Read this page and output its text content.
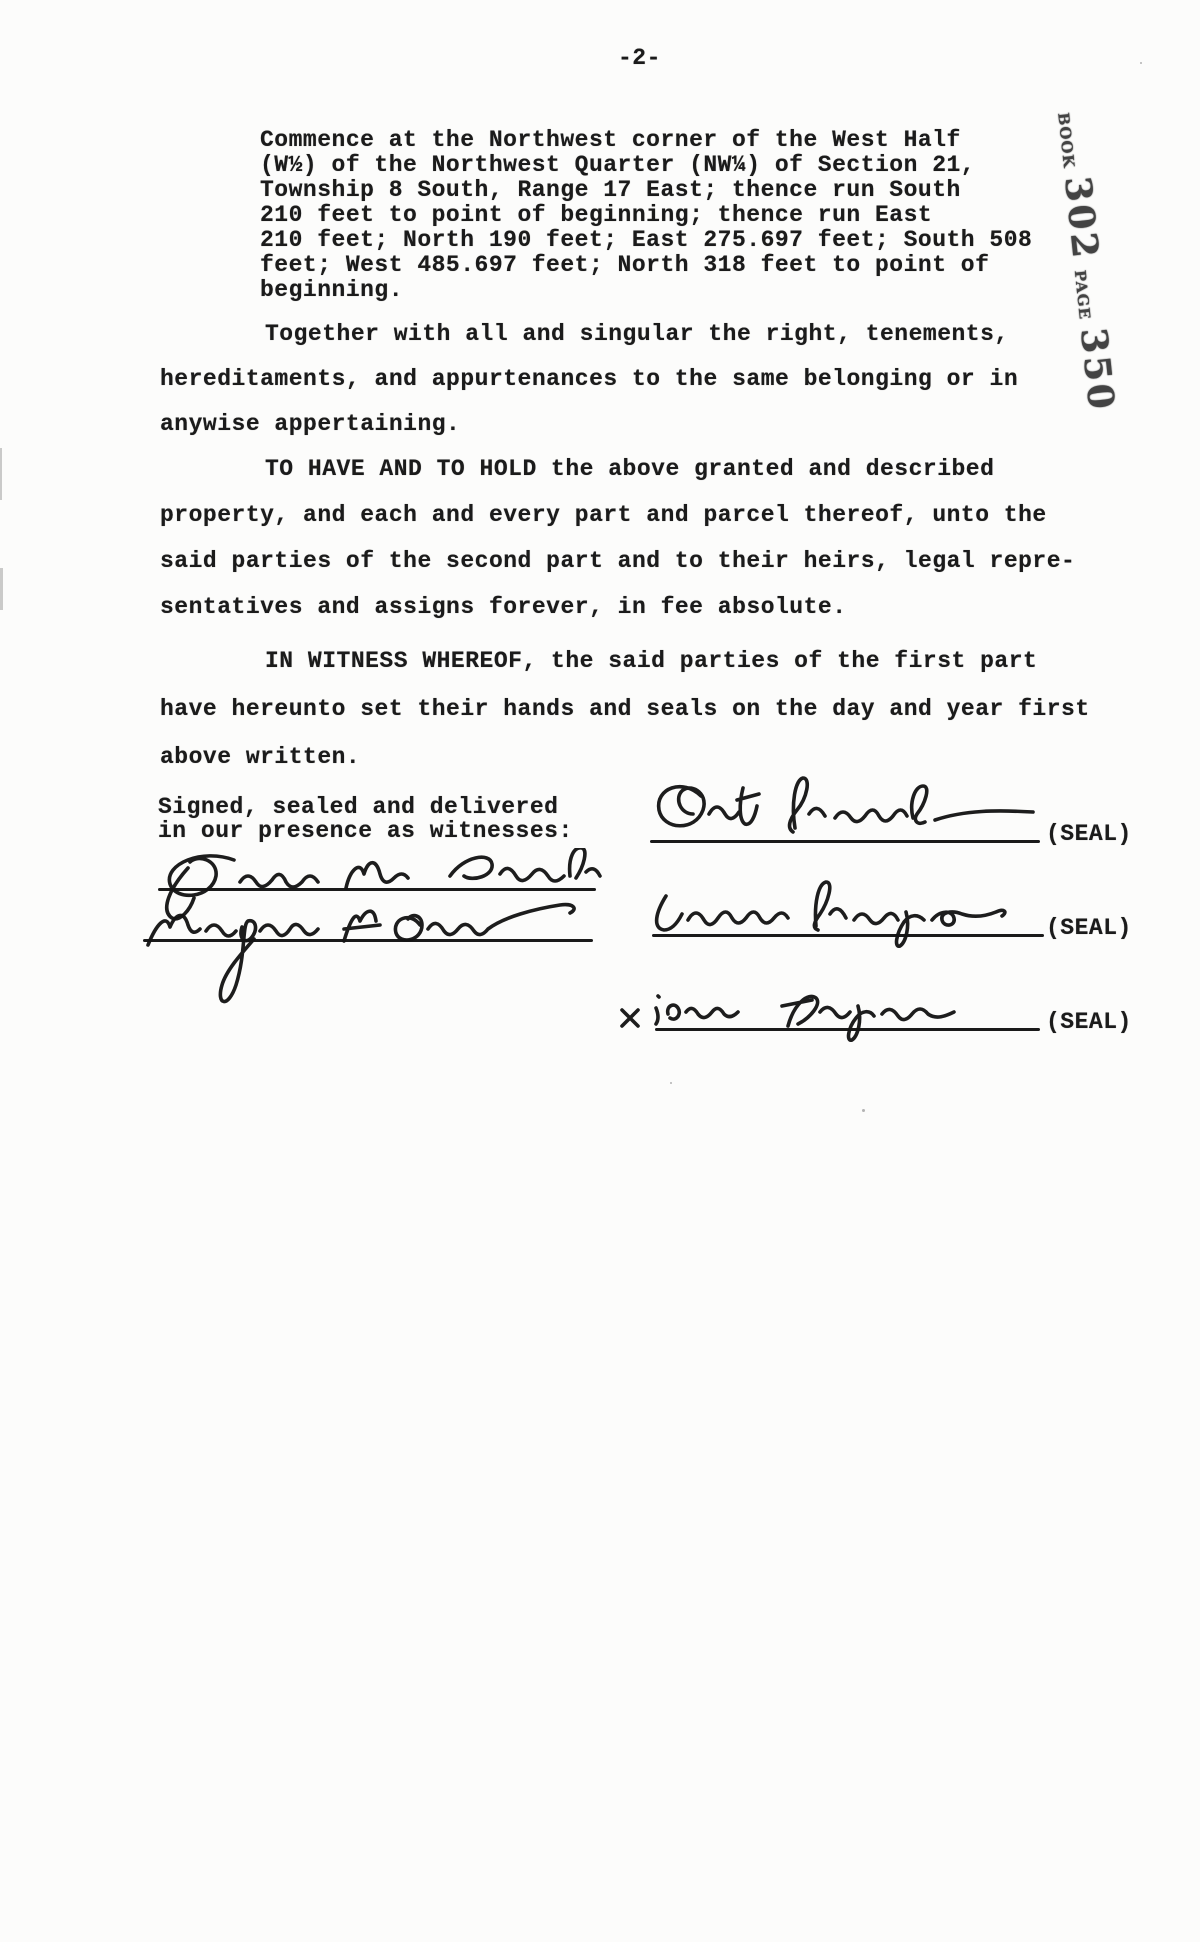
-2-
BOOK302PAGE350
Commence at the Northwest corner of the West Half
(W½) of the Northwest Quarter (NW¼) of Section 21,
Township 8 South, Range 17 East; thence run South
210 feet to point of beginning; thence run East
210 feet; North 190 feet; East 275.697 feet; South 508
feet; West 485.697 feet; North 318 feet to point of
beginning.
Together with all and singular the right, tenements,
hereditaments, and appurtenances to the same belonging or in
anywise appertaining.
TO HAVE AND TO HOLD the above granted and described
property, and each and every part and parcel thereof, unto the
said parties of the second part and to their heirs, legal repre-
sentatives and assigns forever, in fee absolute.
IN WITNESS WHEREOF, the said parties of the first part
have hereunto set their hands and seals on the day and year first
above written.
Signed, sealed and delivered
in our presence as witnesses:	(SEAL)
(SEAL)
(SEAL)
